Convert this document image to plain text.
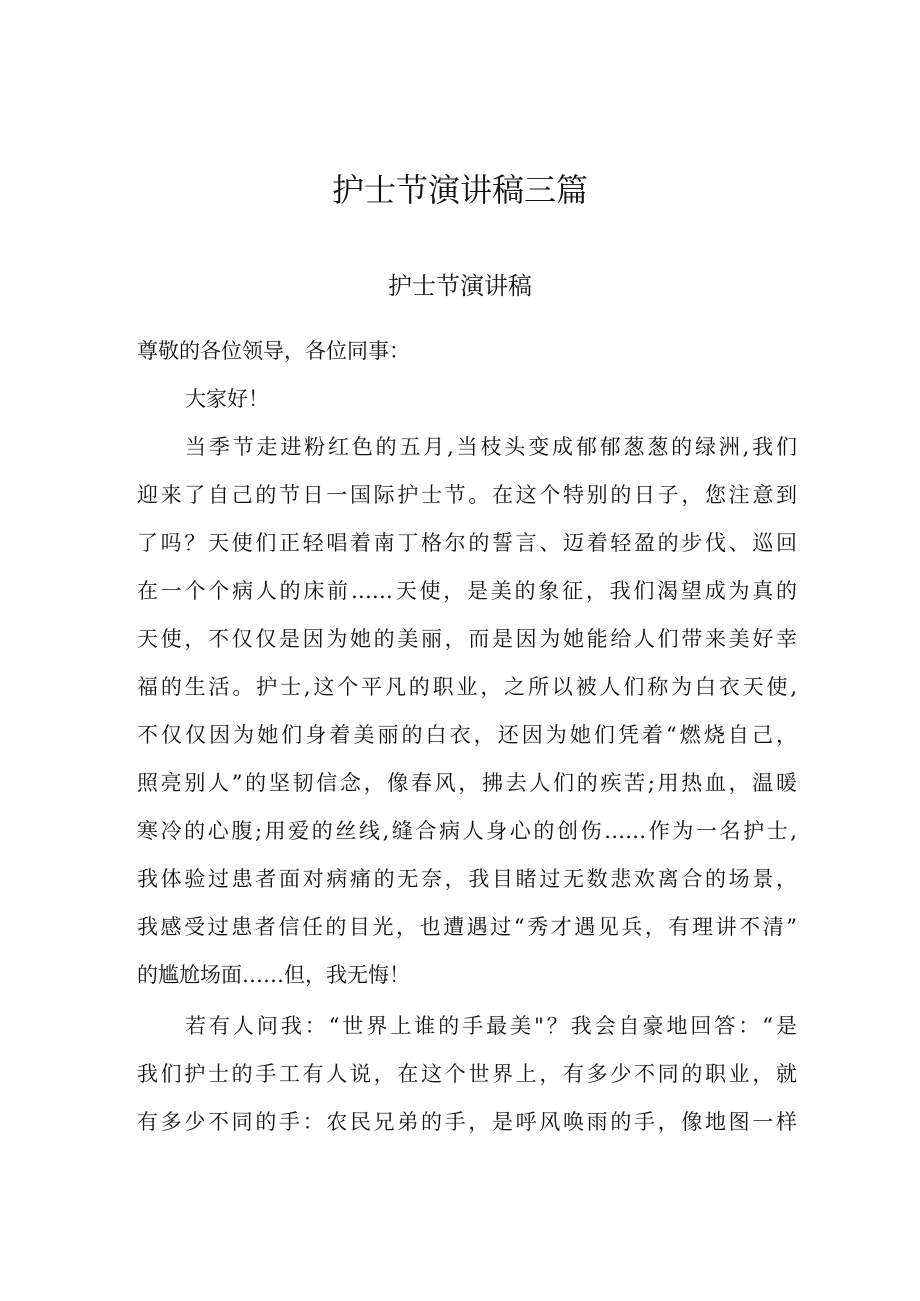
护士节演讲稿三篇
护士节演讲稿

尊敬的各位领导，各位同事：

大家好！

当季节走进粉红色的五月,当枝头变成郁郁葱葱的绿洲,我们

迎来了自己的节日一国际护士节。在这个特别的日子，您注意到

了吗？天使们正轻唱着南丁格尔的誓言、迈着轻盈的步伐、巡回

在一个个病人的床前……天使，是美的象征，我们渴望成为真的

天使，不仅仅是因为她的美丽，而是因为她能给人们带来美好幸

福的生活。护士,这个平凡的职业，之所以被人们称为白衣天使,

不仅仅因为她们身着美丽的白衣，还因为她们凭着“燃烧自己，

照亮别人”的坚韧信念，像春风，拂去人们的疾苦;用热血，温暖

寒冷的心腹;用爱的丝线,缝合病人身心的创伤……作为一名护士,

我体验过患者面对病痛的无奈，我目睹过无数悲欢离合的场景，

我感受过患者信任的目光，也遭遇过“秀才遇见兵，有理讲不清”

的尴尬场面……但，我无悔！

若有人问我：“世界上谁的手最美"？我会自豪地回答：“是

我们护士的手工有人说，在这个世界上，有多少不同的职业，就

有多少不同的手：农民兄弟的手，是呼风唤雨的手，像地图一样
